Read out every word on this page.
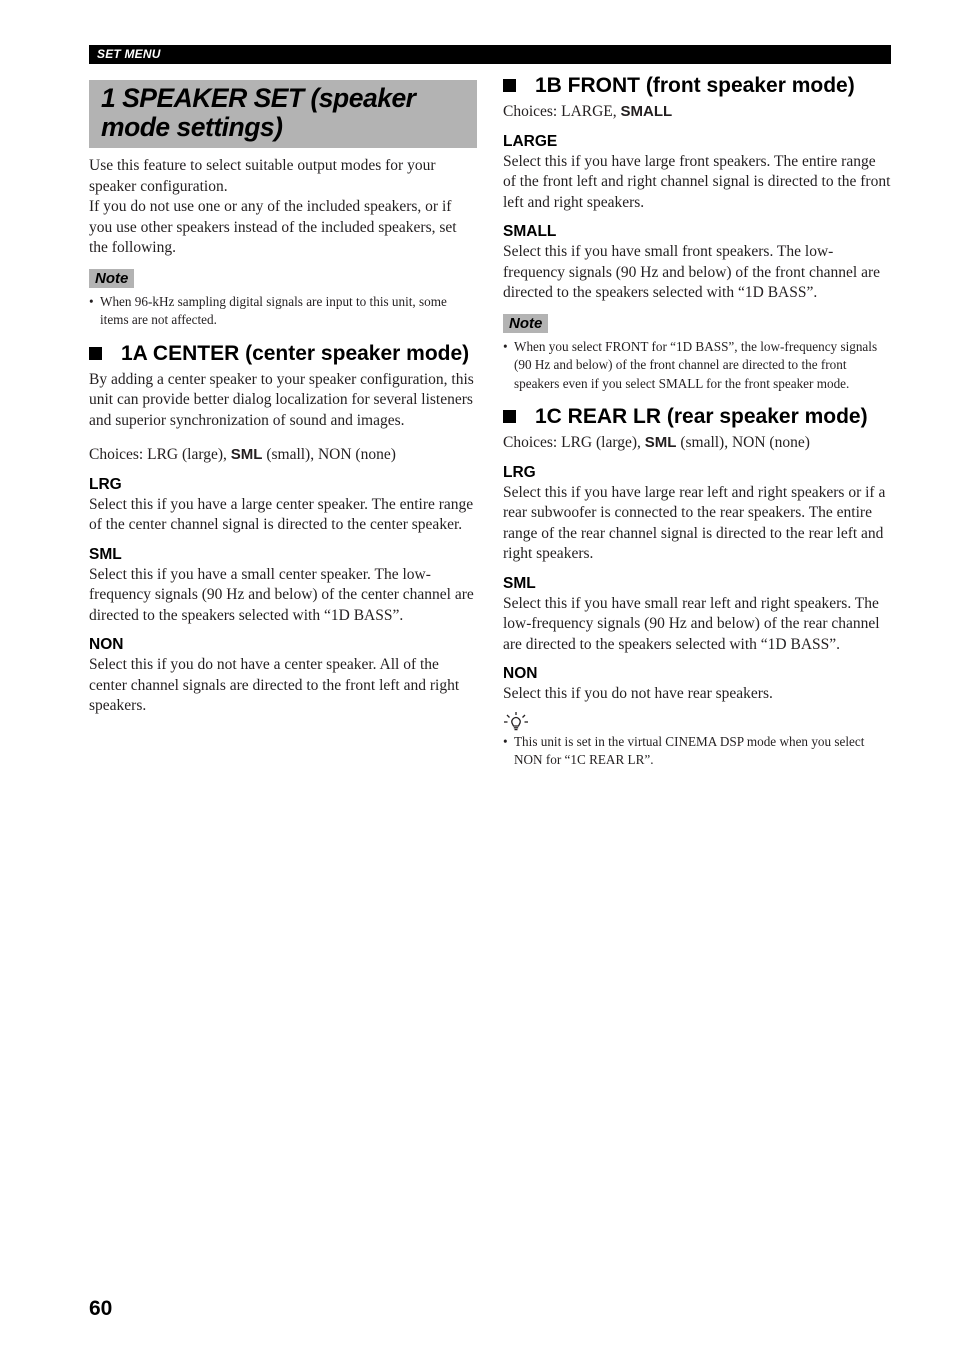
SET MENU
1 SPEAKER SET (speaker mode settings)

Use this feature to select suitable output modes for your speaker configuration.

If you do not use one or any of the included speakers, or if you use other speakers instead of the included speakers, set the following.

Note
• When 96-kHz sampling digital signals are input to this unit, some items are not affected.
1A CENTER (center speaker mode)

By adding a center speaker to your speaker configuration, this unit can provide better dialog localization for several listeners and superior synchronization of sound and images.

Choices: LRG (large), SML (small), NON (none)

LRG

Select this if you have a large center speaker. The entire range of the center channel signal is directed to the center speaker.

SML

Select this if you have a small center speaker. The low-frequency signals (90 Hz and below) of the center channel are directed to the speakers selected with “1D BASS”.

NON

Select this if you do not have a center speaker. All of the center channel signals are directed to the front left and right speakers.

1B FRONT (front speaker mode)

Choices: LARGE, SMALL

LARGE

Select this if you have large front speakers. The entire range of the front left and right channel signal is directed to the front left and right speakers.

SMALL

Select this if you have small front speakers. The low-frequency signals (90 Hz and below) of the front channel are directed to the speakers selected with “1D BASS”.

Note
• When you select FRONT for “1D BASS”, the low-frequency signals (90 Hz and below) of the front channel are directed to the front speakers even if you select SMALL for the front speaker mode.
1C REAR LR (rear speaker mode)

Choices: LRG (large), SML (small), NON (none)

LRG

Select this if you have large rear left and right speakers or if a rear subwoofer is connected to the rear speakers. The entire range of the rear channel signal is directed to the rear left and right speakers.

SML

Select this if you have small rear left and right speakers. The low-frequency signals (90 Hz and below) of the rear channel are directed to the speakers selected with “1D BASS”.

NON

Select this if you do not have rear speakers.

• This unit is set in the virtual CINEMA DSP mode when you select NON for “1C REAR LR”.
60
